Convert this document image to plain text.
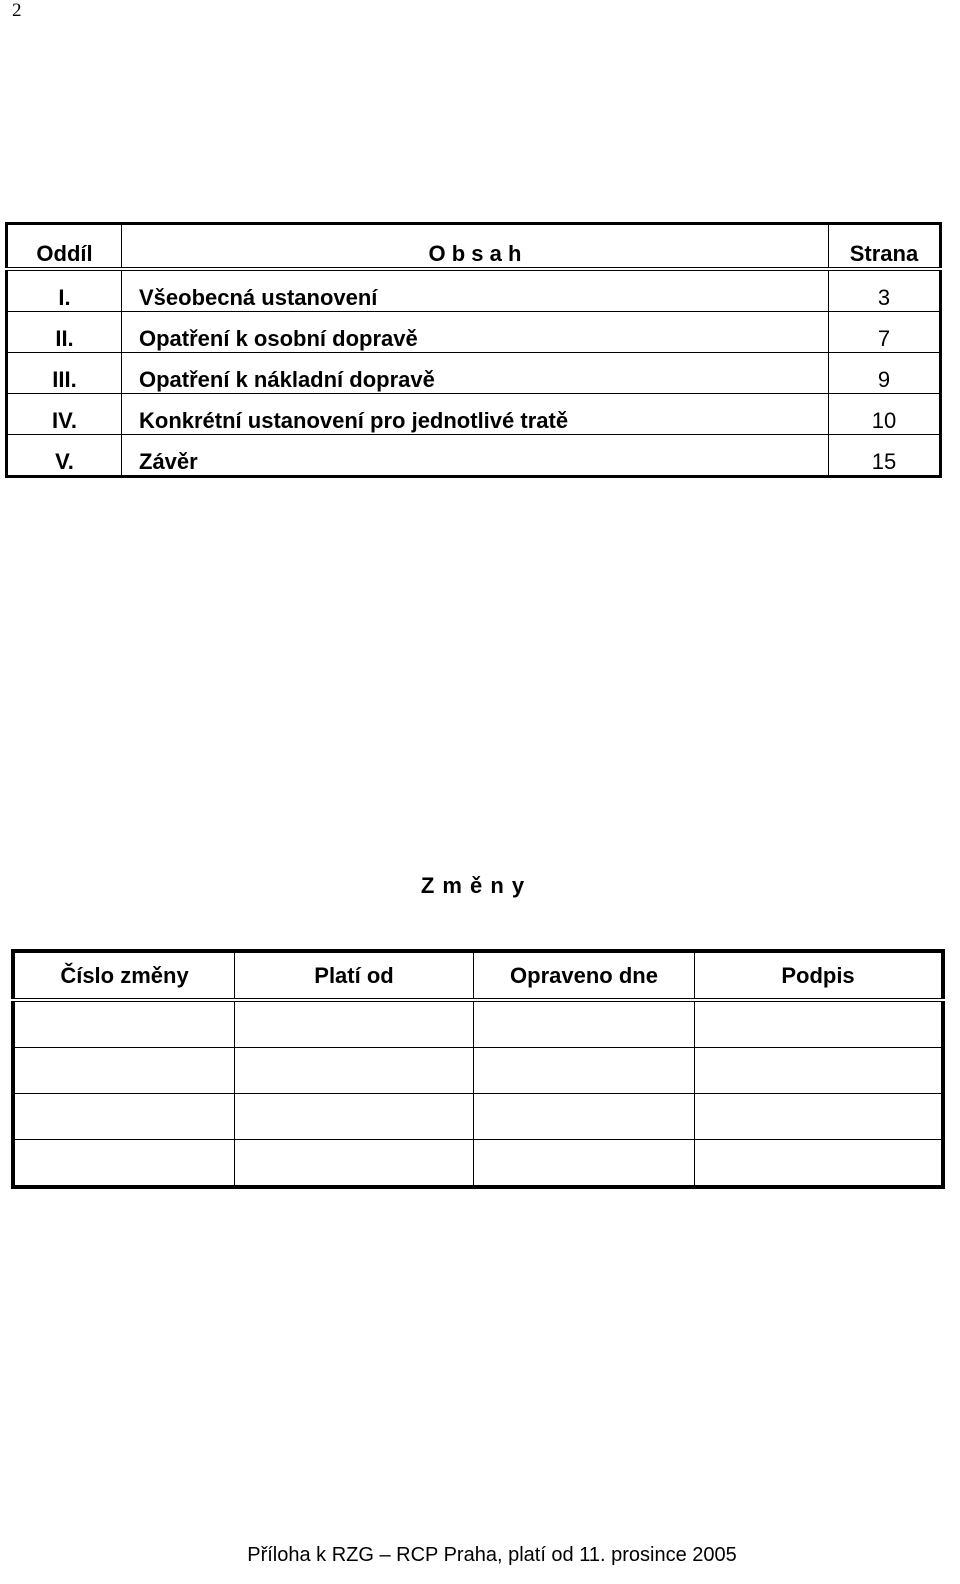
2
Oddíl	O b s a h	Strana
I.	Všeobecná ustanovení	3
II.	Opatření k osobní dopravě	7
III.	Opatření k nákladní dopravě	9
IV.	Konkrétní ustanovení pro jednotlivé tratě	10
V.	Závěr	15
Z m ě n y
Číslo změny	Platí od	Opraveno dne	Podpis

Příloha k RZG – RCP Praha, platí od 11. prosince 2005
